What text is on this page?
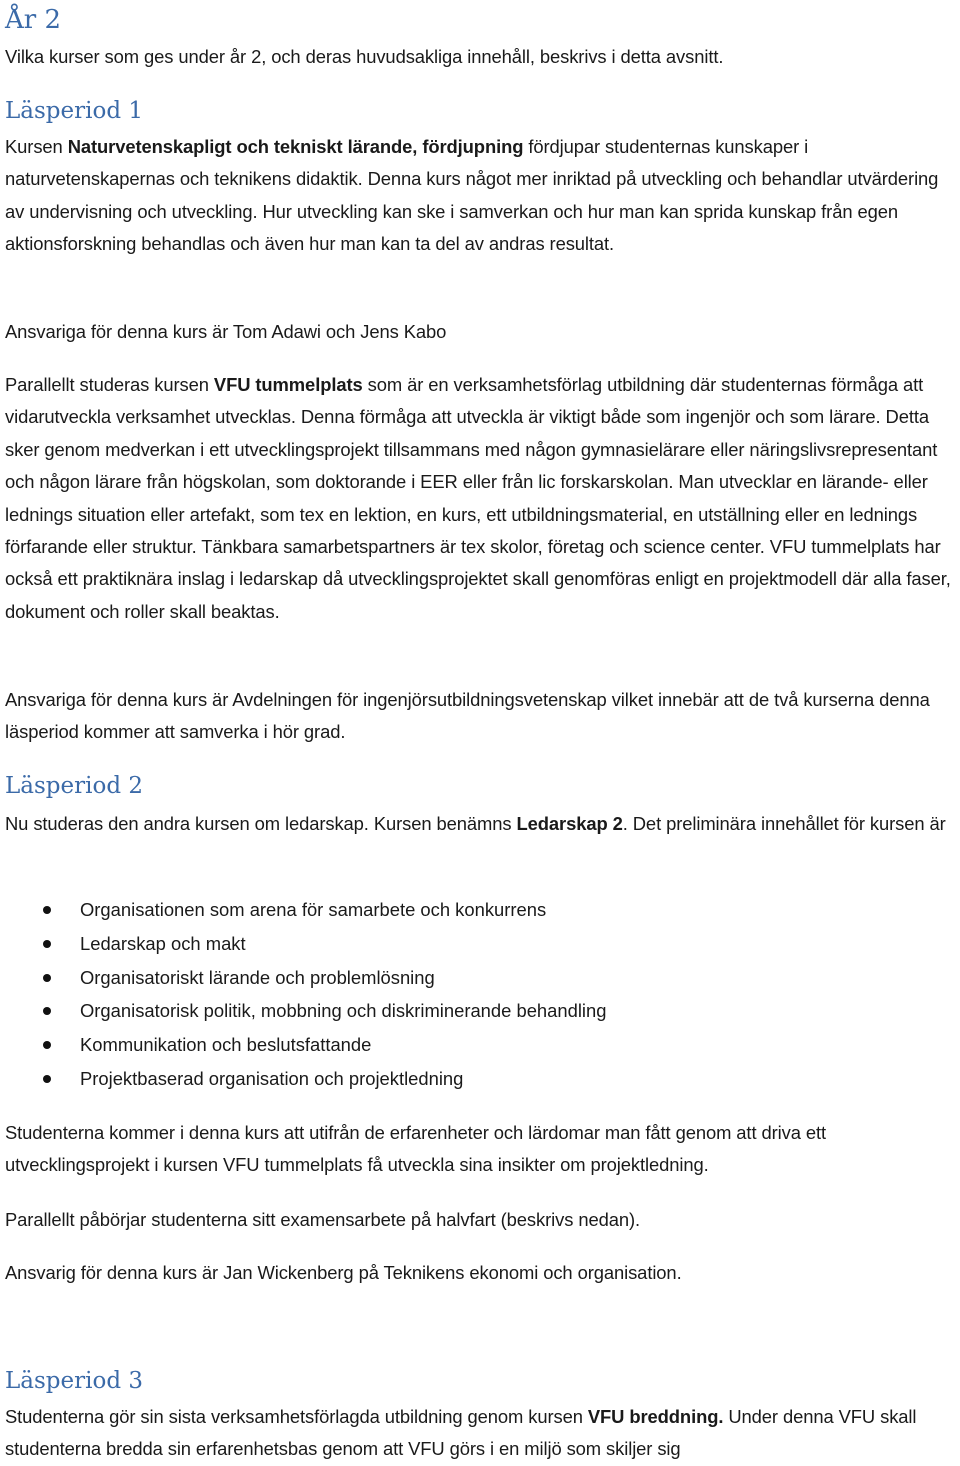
År 2

Vilka kurser som ges under år 2, och deras huvudsakliga innehåll, beskrivs i detta avsnitt.

Läsperiod 1

Kursen Naturvetenskapligt och tekniskt lärande, fördjupning fördjupar studenternas kunskaper i naturvetenskapernas och teknikens didaktik. Denna kurs något mer inriktad på utveckling och behandlar utvärdering av undervisning och utveckling. Hur utveckling kan ske i samverkan och hur man kan sprida kunskap från egen aktionsforskning behandlas och även hur man kan ta del av andras resultat.

Ansvariga för denna kurs är Tom Adawi och Jens Kabo

Parallellt studeras kursen VFU tummelplats som är en verksamhetsförlag utbildning där studenternas förmåga att vidarutveckla verksamhet utvecklas. Denna förmåga att utveckla är viktigt både som ingenjör och som lärare. Detta sker genom medverkan i ett utvecklingsprojekt tillsammans med någon gymnasielärare eller näringslivsrepresentant och någon lärare från högskolan, som doktorande i EER eller från lic forskarskolan. Man utvecklar en lärande- eller lednings situation eller artefakt, som tex en lektion, en kurs, ett utbildningsmaterial, en utställning eller en lednings förfarande eller struktur. Tänkbara samarbetspartners är tex skolor, företag och science center. VFU tummelplats har också ett praktiknära inslag i ledarskap då utvecklingsprojektet skall genomföras enligt en projektmodell där alla faser, dokument och roller skall beaktas.

Ansvariga för denna kurs är Avdelningen för ingenjörsutbildningsvetenskap vilket innebär att de två kurserna denna läsperiod kommer att samverka i hör grad.

Läsperiod 2

Nu studeras den andra kursen om ledarskap. Kursen benämns Ledarskap 2. Det preliminära innehållet för kursen är

Organisationen som arena för samarbete och konkurrens
Ledarskap och makt
Organisatoriskt lärande och problemlösning
Organisatorisk politik, mobbning och diskriminerande behandling
Kommunikation och beslutsfattande
Projektbaserad organisation och projektledning

Studenterna kommer i denna kurs att utifrån de erfarenheter och lärdomar man fått genom att driva ett utvecklingsprojekt i kursen VFU tummelplats få utveckla sina insikter om projektledning.

Parallellt påbörjar studenterna sitt examensarbete på halvfart (beskrivs nedan).

Ansvarig för denna kurs är Jan Wickenberg på Teknikens ekonomi och organisation.

Läsperiod 3

Studenterna gör sin sista verksamhetsförlagda utbildning genom kursen VFU breddning. Under denna VFU skall studenterna bredda sin erfarenhetsbas genom att VFU görs i en miljö som skiljer sig
